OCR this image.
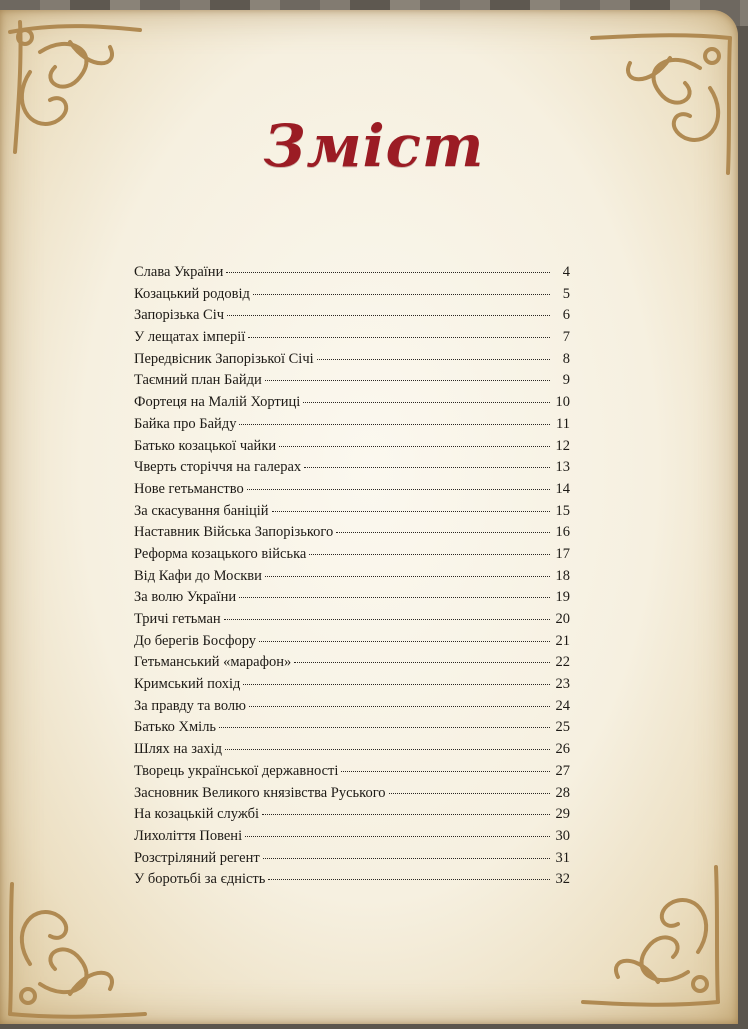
Зміст
Слава України	4
Козацький родовід	5
Запорізька Січ	6
У лещатах імперії	7
Передвісник Запорізької Січі	8
Таємний план Байди	9
Фортеця на Малій Хортиці	10
Байка про Байду	11
Батько козацької чайки	12
Чверть сторіччя на галерах	13
Нове гетьманство	14
За скасування баніцій	15
Наставник Війська Запорізького	16
Реформа козацького війська	17
Від Кафи до Москви	18
За волю України	19
Тричі гетьман	20
До берегів Босфору	21
Гетьманський «марафон»	22
Кримський похід	23
За правду та волю	24
Батько Хміль	25
Шлях на захід	26
Творець української державності	27
Засновник Великого князівства Руського	28
На козацькій службі	29
Лихоліття Повені	30
Розстріляний регент	31
У боротьбі за єдність	32
